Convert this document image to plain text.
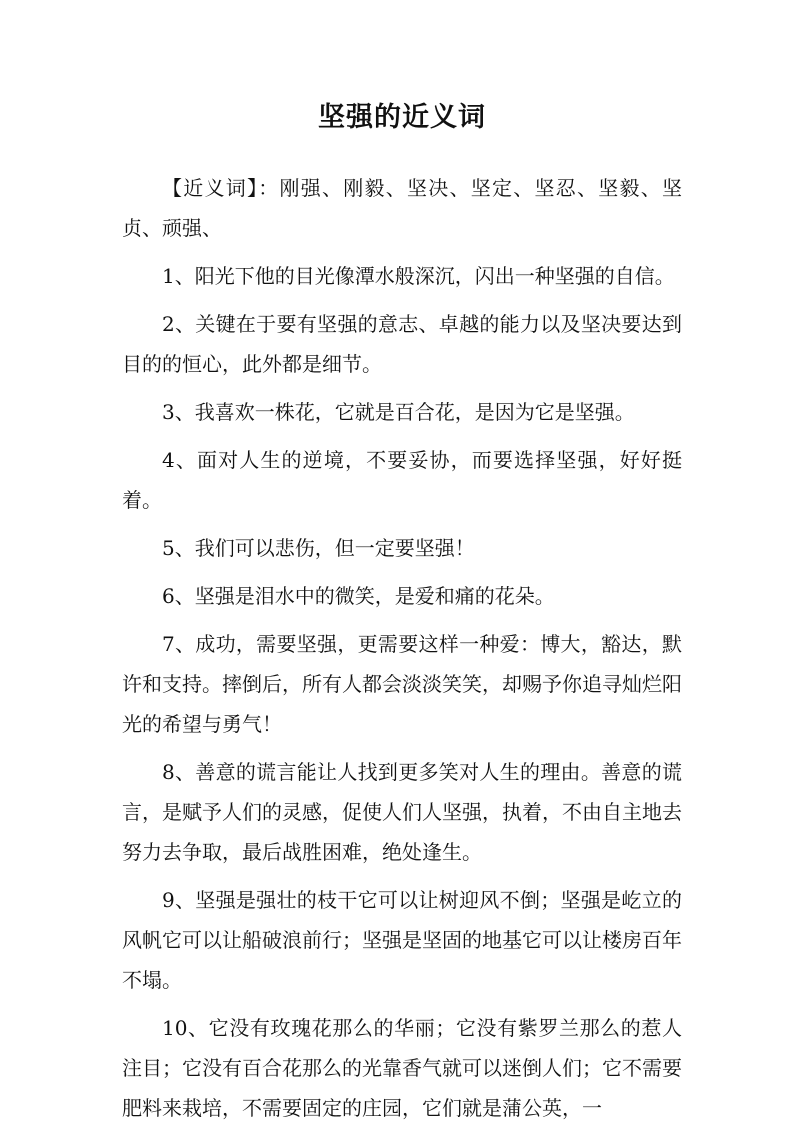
坚强的近义词

【近义词】：刚强、刚毅、坚决、坚定、坚忍、坚毅、坚贞、顽强、

1、阳光下他的目光像潭水般深沉，闪出一种坚强的自信。

2、关键在于要有坚强的意志、卓越的能力以及坚决要达到目的的恒心，此外都是细节。

3、我喜欢一株花，它就是百合花，是因为它是坚强。

4、面对人生的逆境，不要妥协，而要选择坚强，好好挺着。

5、我们可以悲伤，但一定要坚强！

6、坚强是泪水中的微笑，是爱和痛的花朵。

7、成功，需要坚强，更需要这样一种爱：博大，豁达，默许和支持。摔倒后，所有人都会淡淡笑笑，却赐予你追寻灿烂阳光的希望与勇气！

8、善意的谎言能让人找到更多笑对人生的理由。善意的谎言，是赋予人们的灵感，促使人们人坚强，执着，不由自主地去努力去争取，最后战胜困难，绝处逢生。

9、坚强是强壮的枝干它可以让树迎风不倒；坚强是屹立的风帆它可以让船破浪前行；坚强是坚固的地基它可以让楼房百年不塌。

10、它没有玫瑰花那么的华丽；它没有紫罗兰那么的惹人注目；它没有百合花那么的光靠香气就可以迷倒人们；它不需要肥料来栽培，不需要固定的庄园，它们就是蒲公英，一
